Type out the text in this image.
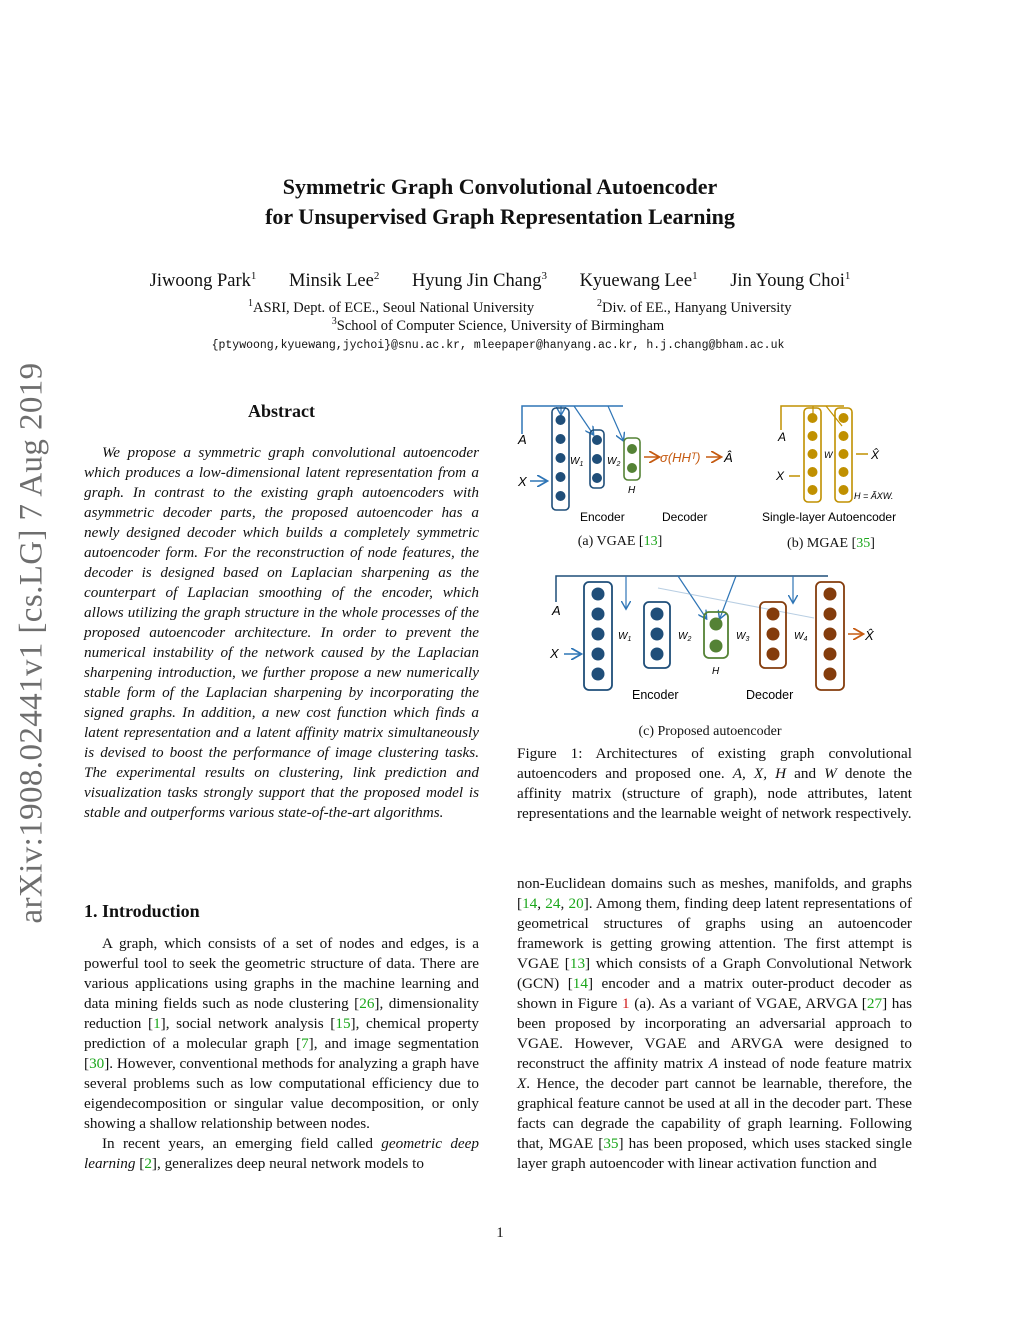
arXiv:1908.02441v1 [cs.LG] 7 Aug 2019
Symmetric Graph Convolutional Autoencoder
for Unsupervised Graph Representation Learning
Jiwoong Park$^1$ Minsik Lee$^2$ Hyung Jin Chang$^3$ Kyuewang Lee$^1$ Jin Young Choi$^1$
$^1$ASRI, Dept. of ECE., Seoul National University	$^2$Div. of EE., Hanyang University
$^3$School of Computer Science, University of Birmingham
{ptywoong,kyuewang,jychoi}@snu.ac.kr, mleepaper@hanyang.ac.kr, h.j.chang@bham.ac.uk
Abstract

We propose a symmetric graph convolutional autoencoder which produces a low-dimensional latent representation from a graph. In contrast to the existing graph autoencoders with asymmetric decoder parts, the proposed autoencoder has a newly designed decoder which builds a completely symmetric autoencoder form. For the reconstruction of node features, the decoder is designed based on Laplacian sharpening as the counterpart of Laplacian smoothing of the encoder, which allows utilizing the graph structure in the whole processes of the proposed autoencoder architecture. In order to prevent the numerical instability of the network caused by the Laplacian sharpening introduction, we further propose a new numerically stable form of the Laplacian sharpening by incorporating the signed graphs. In addition, a new cost function which finds a latent representation and a latent affinity matrix simultaneously is devised to boost the performance of image clustering tasks. The experimental results on clustering, link prediction and visualization tasks strongly support that the proposed model is stable and outperforms various state-of-the-art algorithms.

1. Introduction

A graph, which consists of a set of nodes and edges, is a powerful tool to seek the geometric structure of data. There are various applications using graphs in the machine learning and data mining fields such as node clustering [26], dimensionality reduction [1], social network analysis [15], chemical property prediction of a molecular graph [7], and image segmentation [30]. However, conventional methods for analyzing a graph have several problems such as low computational efficiency due to eigendecomposition or singular value decomposition, or only showing a shallow relationship between nodes.

In recent years, an emerging field called geometric deep learning [2], generalizes deep neural network models to

A
X
$W_1$ $W_2$
H
σ(HHᵀ) Â
Encoder	Decoder
A
X
W	X̂
H = ÃXW.
Single-layer Autoencoder
A
X
$W_1$	$W_2$	$W_3$	$W_4$
H
X̂
Encoder	Decoder
(a) VGAE [13]	(b) MGAE [35]
(c) Proposed autoencoder

Figure 1: Architectures of existing graph convolutional autoencoders and proposed one. A, X, H and W denote the affinity matrix (structure of graph), node attributes, latent representations and the learnable weight of network respectively.

non-Euclidean domains such as meshes, manifolds, and graphs [14, 24, 20]. Among them, finding deep latent representations of geometrical structures of graphs using an autoencoder framework is getting growing attention. The first attempt is VGAE [13] which consists of a Graph Convolutional Network (GCN) [14] encoder and a matrix outer-product decoder as shown in Figure 1 (a). As a variant of VGAE, ARVGA [27] has been proposed by incorporating an adversarial approach to VGAE. However, VGAE and ARVGA were designed to reconstruct the affinity matrix A instead of node feature matrix X. Hence, the decoder part cannot be learnable, therefore, the graphical feature cannot be used at all in the decoder part. These facts can degrade the capability of graph learning. Following that, MGAE [35] has been proposed, which uses stacked single layer graph autoencoder with linear activation function and

1
